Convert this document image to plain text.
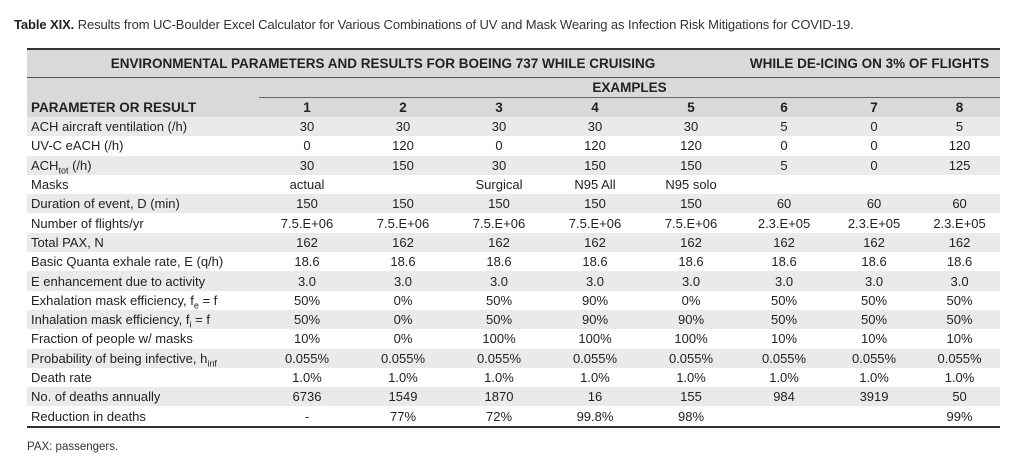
Table XIX. Results from UC-Boulder Excel Calculator for Various Combinations of UV and Mask Wearing as Infection Risk Mitigations for COVID-19.
ENVIRONMENTAL PARAMETERS AND RESULTS FOR BOEING 737 WHILE CRUISING						WHILE DE-ICING ON 3% OF FLIGHTS		
	EXAMPLES							
PARAMETER OR RESULT	1	2	3	4	5	6	7	8
ACH aircraft ventilation (/h)	30	30	30	30	30	5	0	5
UV-C eACH (/h)	0	120	0	120	120	0	0	120
$ACH_{tot}$ (/h)	30	150	30	150	150	5	0	125
Masks	actual		Surgical	N95 All	N95 solo			
Duration of event, D (min)	150	150	150	150	150	60	60	60
Number of flights/yr	7.5.E+06	7.5.E+06	7.5.E+06	7.5.E+06	7.5.E+06	2.3.E+05	2.3.E+05	2.3.E+05
Total PAX, N	162	162	162	162	162	162	162	162
Basic Quanta exhale rate, E (q/h)	18.6	18.6	18.6	18.6	18.6	18.6	18.6	18.6
E enhancement due to activity	3.0	3.0	3.0	3.0	3.0	3.0	3.0	3.0
Exhalation mask efficiency, $f_e = f$	50%	0%	50%	90%	0%	50%	50%	50%
Inhalation mask efficiency, $f_i = f$	50%	0%	50%	90%	90%	50%	50%	50%
Fraction of people w/ masks	10%	0%	100%	100%	100%	10%	10%	10%
Probability of being infective, $h_{inf}$	0.055%	0.055%	0.055%	0.055%	0.055%	0.055%	0.055%	0.055%
Death rate	1.0%	1.0%	1.0%	1.0%	1.0%	1.0%	1.0%	1.0%
No. of deaths annually	6736	1549	1870	16	155	984	3919	50
Reduction in deaths	-	77%	72%	99.8%	98%			99%
PAX: passengers.
